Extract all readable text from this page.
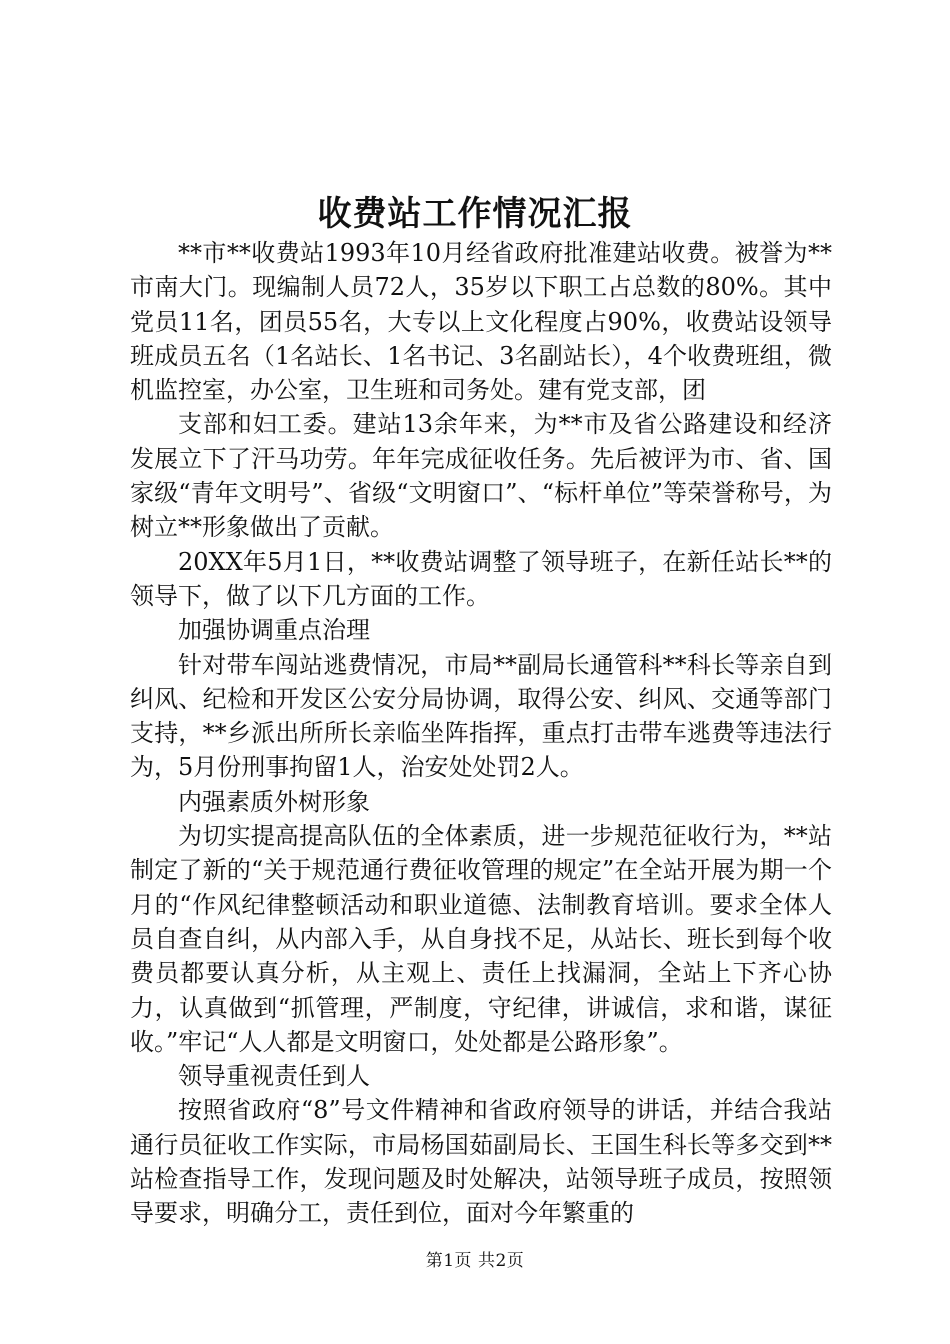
收费站工作情况汇报

**市**收费站1993年10月经省政府批准建站收费。被誉为**市南大门。现编制人员72人，35岁以下职工占总数的80%。其中党员11名，团员55名，大专以上文化程度占90%，收费站设领导班成员五名（1名站长、1名书记、3名副站长），4个收费班组，微机监控室，办公室，卫生班和司务处。建有党支部，团

支部和妇工委。建站13余年来，为**市及省公路建设和经济发展立下了汗马功劳。年年完成征收任务。先后被评为市、省、国家级“青年文明号”、省级“文明窗口”、“标杆单位”等荣誉称号，为树立**形象做出了贡献。

20XX年5月1日，**收费站调整了领导班子，在新任站长**的领导下，做了以下几方面的工作。

加强协调重点治理

针对带车闯站逃费情况，市局**副局长通管科**科长等亲自到纠风、纪检和开发区公安分局协调，取得公安、纠风、交通等部门支持，**乡派出所所长亲临坐阵指挥，重点打击带车逃费等违法行为，5月份刑事拘留1人，治安处处罚2人。

内强素质外树形象

为切实提高提高队伍的全体素质，进一步规范征收行为，**站制定了新的“关于规范通行费征收管理的规定”在全站开展为期一个月的“作风纪律整顿活动和职业道德、法制教育培训。要求全体人员自查自纠，从内部入手，从自身找不足，从站长、班长到每个收费员都要认真分析，从主观上、责任上找漏洞，全站上下齐心协力，认真做到“抓管理，严制度，守纪律，讲诚信，求和谐，谋征收。”牢记“人人都是文明窗口，处处都是公路形象”。

领导重视责任到人

按照省政府“8”号文件精神和省政府领导的讲话，并结合我站通行员征收工作实际，市局杨国茹副局长、王国生科长等多交到**站检查指导工作，发现问题及时处解决，站领导班子成员，按照领导要求，明确分工，责任到位，面对今年繁重的

第1页 共2页
